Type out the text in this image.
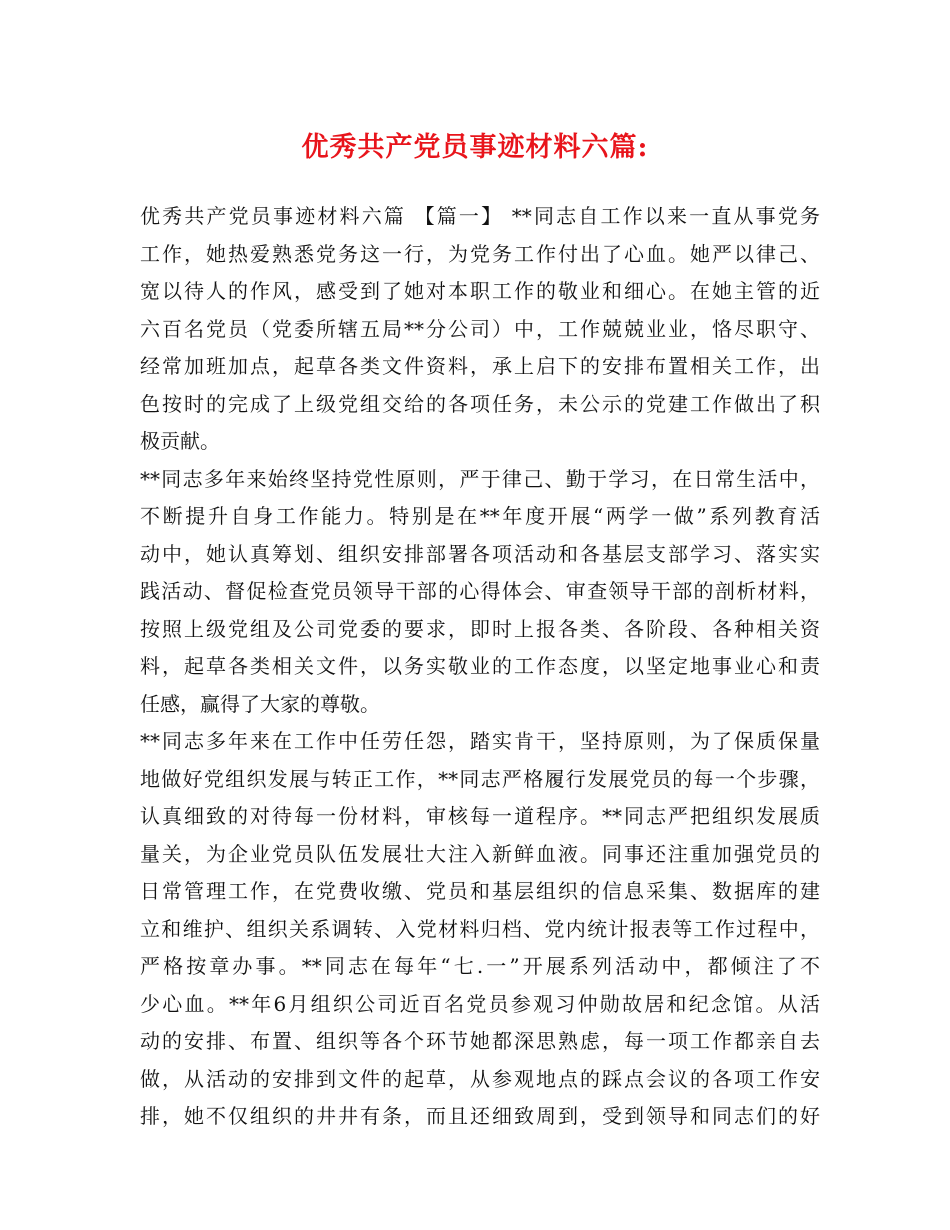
优秀共产党员事迹材料六篇:
优秀共产党员事迹材料六篇 【篇一】 **同志自工作以来一直从事党务
工作，她热爱熟悉党务这一行，为党务工作付出了心血。她严以律己、
宽以待人的作风，感受到了她对本职工作的敬业和细心。在她主管的近
六百名党员（党委所辖五局**分公司）中，工作兢兢业业，恪尽职守、
经常加班加点，起草各类文件资料，承上启下的安排布置相关工作，出
色按时的完成了上级党组交给的各项任务，未公示的党建工作做出了积
极贡献。
**同志多年来始终坚持党性原则，严于律己、勤于学习，在日常生活中，
不断提升自身工作能力。特别是在**年度开展“两学一做”系列教育活
动中，她认真筹划、组织安排部署各项活动和各基层支部学习、落实实
践活动、督促检查党员领导干部的心得体会、审查领导干部的剖析材料，
按照上级党组及公司党委的要求，即时上报各类、各阶段、各种相关资
料，起草各类相关文件，以务实敬业的工作态度，以坚定地事业心和责
任感，赢得了大家的尊敬。
**同志多年来在工作中任劳任怨，踏实肯干，坚持原则，为了保质保量
地做好党组织发展与转正工作，**同志严格履行发展党员的每一个步骤，
认真细致的对待每一份材料，审核每一道程序。**同志严把组织发展质
量关，为企业党员队伍发展壮大注入新鲜血液。同事还注重加强党员的
日常管理工作，在党费收缴、党员和基层组织的信息采集、数据库的建
立和维护、组织关系调转、入党材料归档、党内统计报表等工作过程中，
严格按章办事。**同志在每年“七.一”开展系列活动中，都倾注了不
少心血。**年6月组织公司近百名党员参观习仲勋故居和纪念馆。从活
动的安排、布置、组织等各个环节她都深思熟虑，每一项工作都亲自去
做，从活动的安排到文件的起草，从参观地点的踩点会议的各项工作安
排，她不仅组织的井井有条，而且还细致周到，受到领导和同志们的好
